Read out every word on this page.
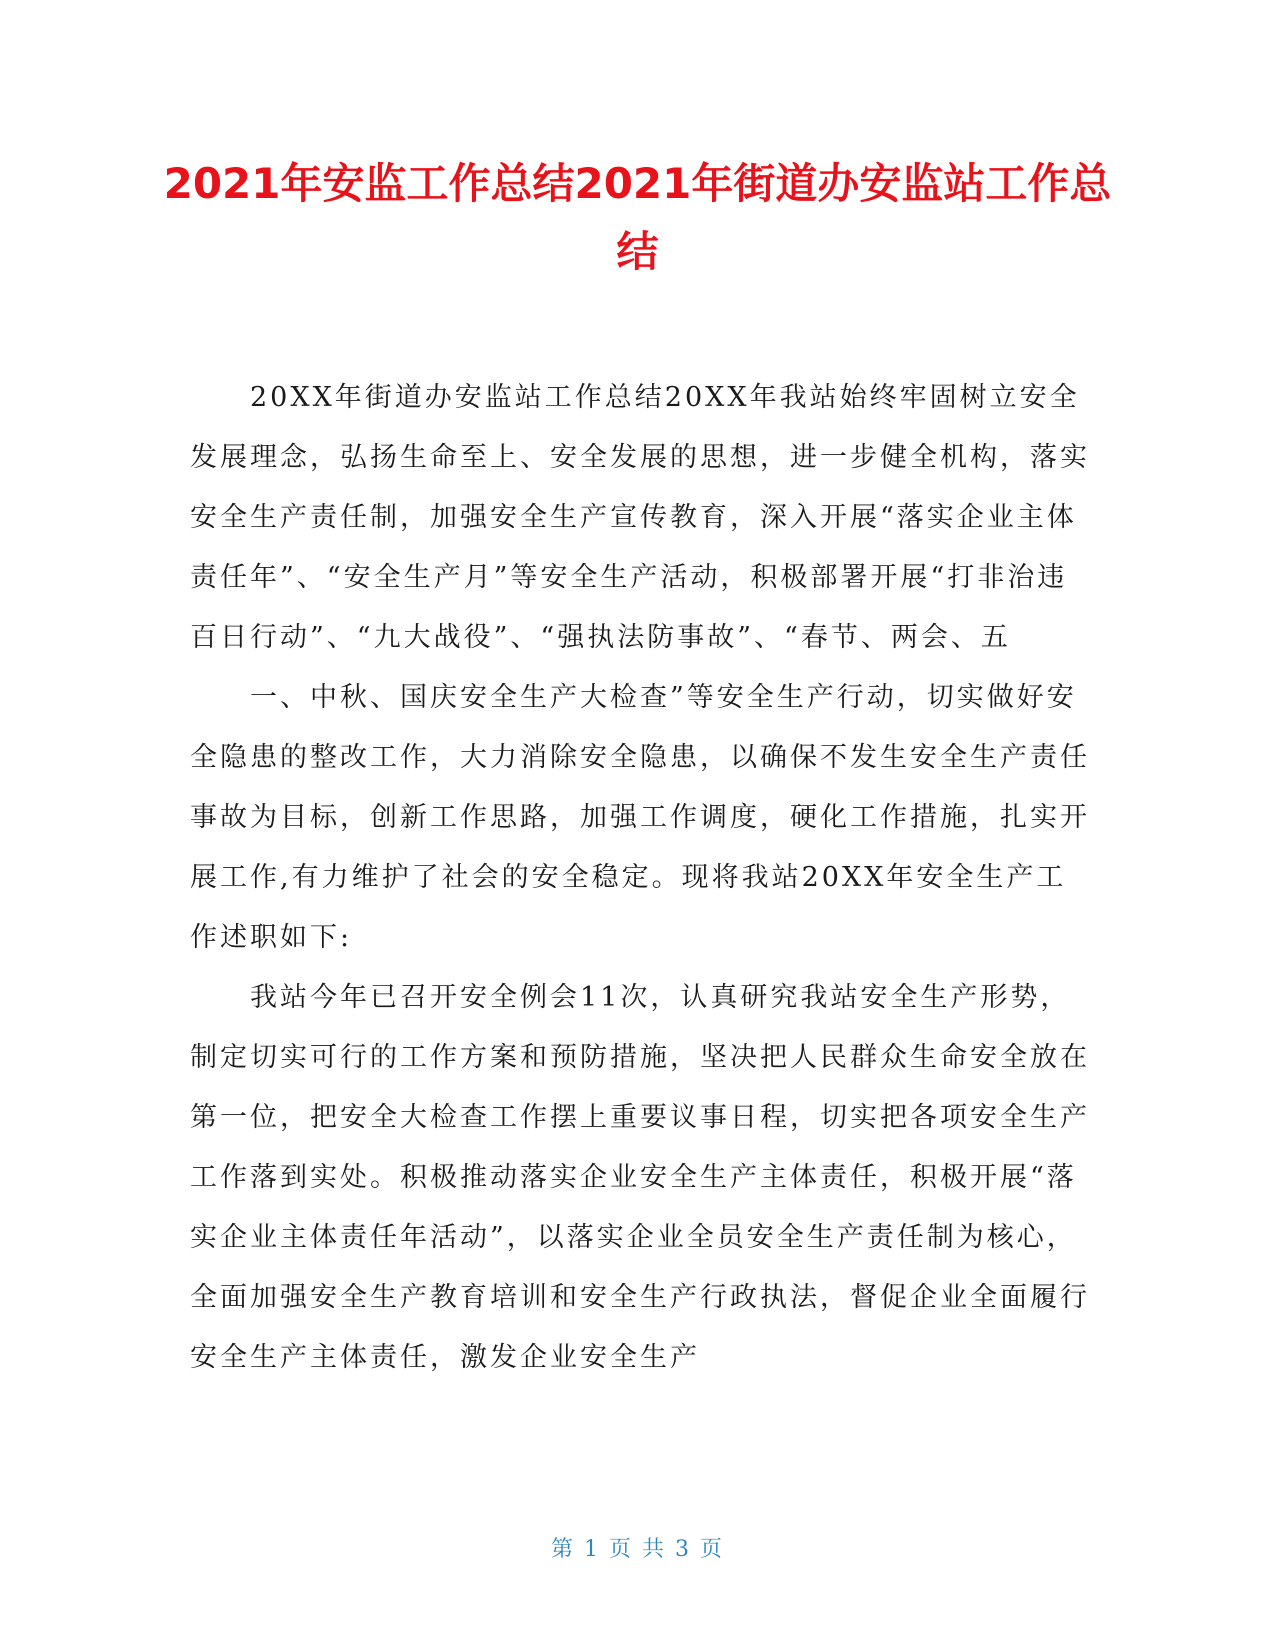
2021年安监工作总结2021年街道办安监站工作总结

20XX年街道办安监站工作总结20XX年我站始终牢固树立安全发展理念，弘扬生命至上、安全发展的思想，进一步健全机构，落实安全生产责任制，加强安全生产宣传教育，深入开展“落实企业主体责任年”、“安全生产月”等安全生产活动，积极部署开展“打非治违百日行动”、“九大战役”、“强执法防事故”、“春节、两会、五

一、中秋、国庆安全生产大检查”等安全生产行动，切实做好安全隐患的整改工作，大力消除安全隐患，以确保不发生安全生产责任事故为目标，创新工作思路，加强工作调度，硬化工作措施，扎实开展工作,有力维护了社会的安全稳定。现将我站20XX年安全生产工作述职如下:

我站今年已召开安全例会11次，认真研究我站安全生产形势，制定切实可行的工作方案和预防措施，坚决把人民群众生命安全放在第一位，把安全大检查工作摆上重要议事日程，切实把各项安全生产工作落到实处。积极推动落实企业安全生产主体责任，积极开展“落实企业主体责任年活动”，以落实企业全员安全生产责任制为核心，全面加强安全生产教育培训和安全生产行政执法，督促企业全面履行安全生产主体责任，激发企业安全生产

第 1 页 共 3 页
